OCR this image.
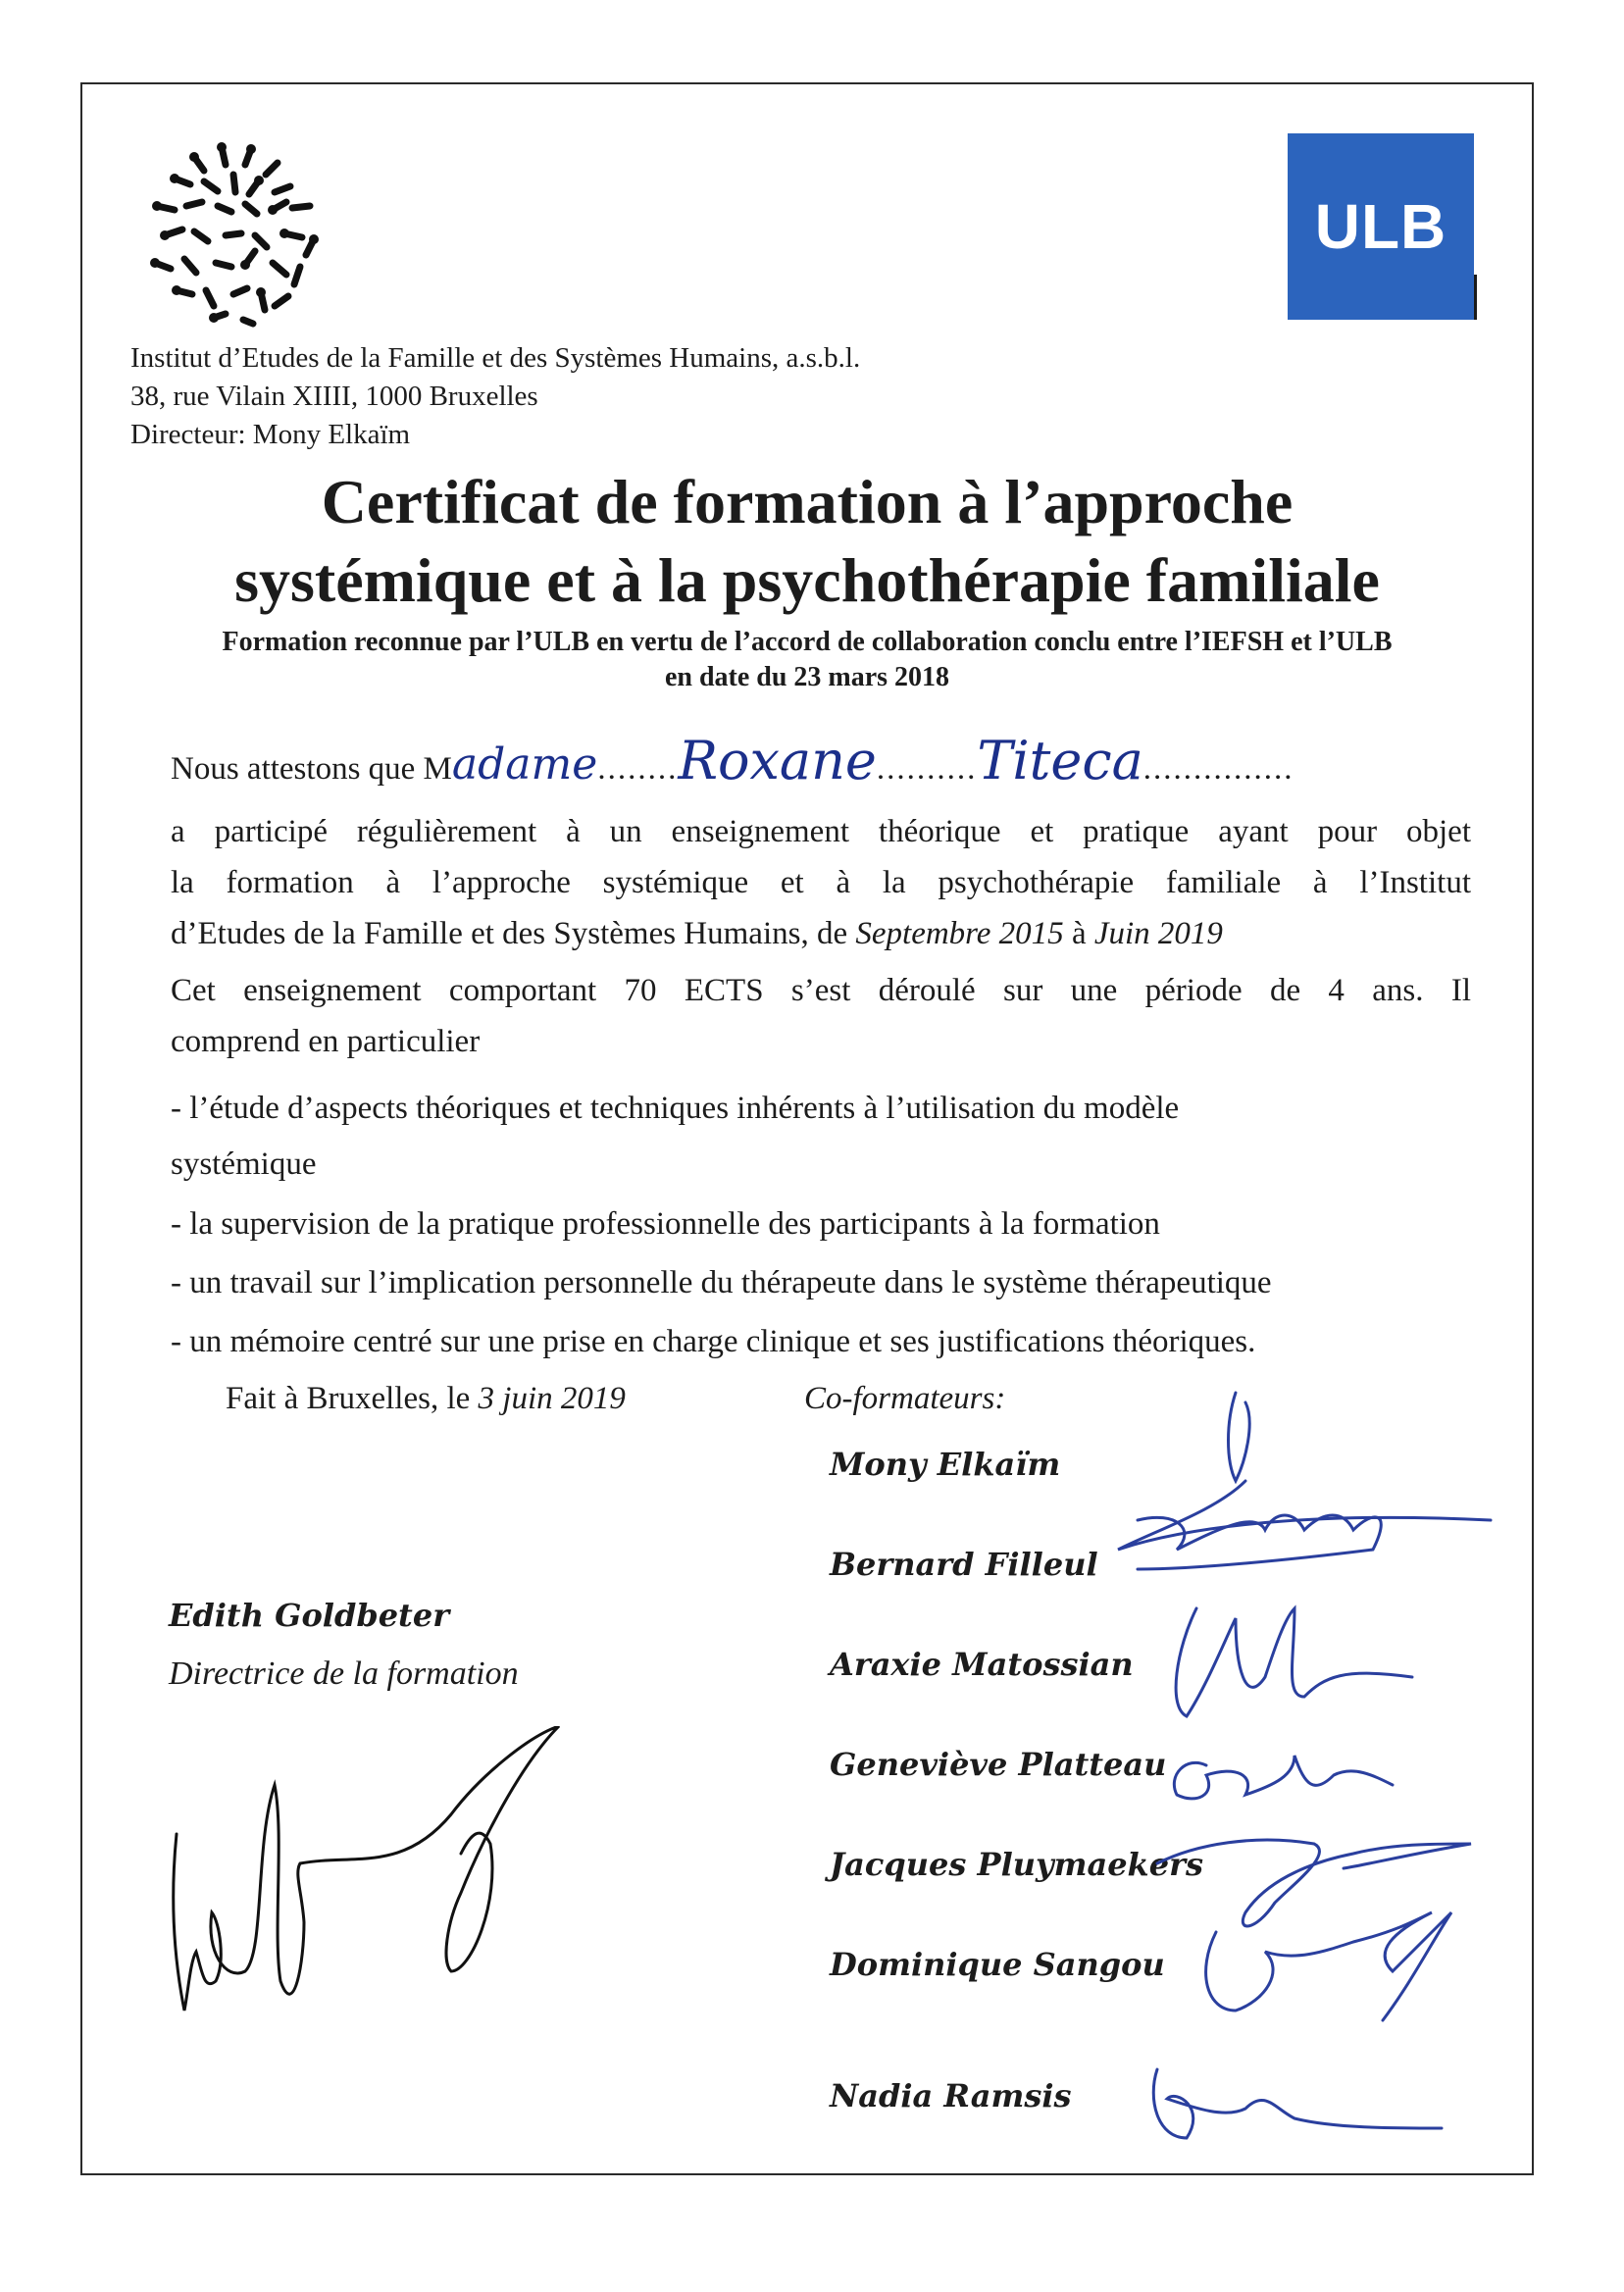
ULB
Institut d’Etudes de la Famille et des Systèmes Humains, a.s.b.l.
38, rue Vilain XIIII, 1000 Bruxelles
Directeur: Mony Elkaïm
Certificat de formation à l’approche
systémique et à la psychothérapie familiale
Formation reconnue par l’ULB en vertu de l’accord de collaboration conclu entre l’IEFSH et l’ULB
en date du 23 mars 2018
Nous attestons que Madame........Roxane..........Titeca...............
a participé régulièrement à un enseignement théorique et pratique ayant pour objet
la formation à l’approche systémique et à la psychothérapie familiale à l’Institut
d’Etudes de la Famille et des Systèmes Humains, de Septembre 2015 à Juin 2019
Cet enseignement comportant 70 ECTS s’est déroulé sur une période de 4 ans. Il
comprend en particulier
- l’étude d’aspects théoriques et techniques inhérents à l’utilisation du modèle
systémique
- la supervision de la pratique professionnelle des participants à la formation
- un travail sur l’implication personnelle du thérapeute dans le système thérapeutique
- un mémoire centré sur une prise en charge clinique et ses justifications théoriques.
Fait à Bruxelles, le 3 juin 2019	Co-formateurs:
Mony Elkaïm
Bernard Filleul
Araxie Matossian
Geneviève Platteau
Jacques Pluymaekers
Dominique Sangou
Nadia Ramsis
Edith Goldbeter
Directrice de la formation
